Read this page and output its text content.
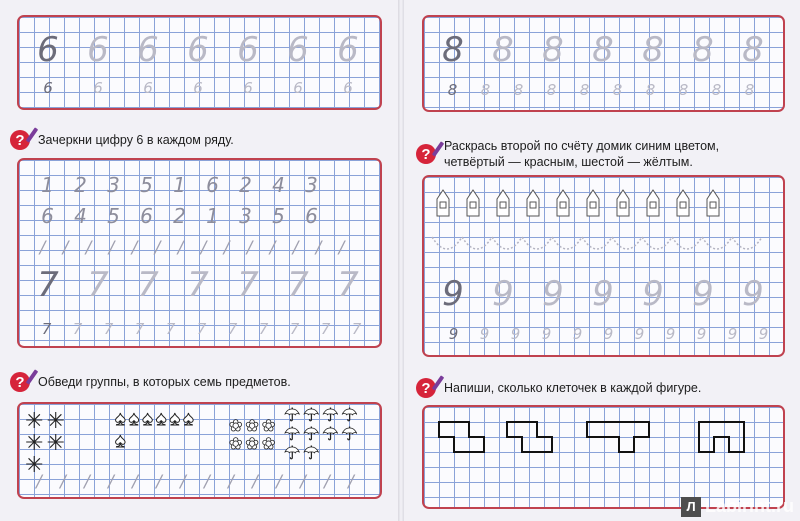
6 6 6 6 6 6 6
6	6	6	6	6	6	6
?	Зачеркни цифру 6 в каждом ряду.
1	2	3	5	1	6	2	4	3
6	4	5	6	2	1	3	5	6
/	/	/	/	/	/	/	/	/	/	/	/	/	/
7 7 7 7 7 7 7
7	7	7	7	7	7	7	7	7	7	7
?	Обведи группы, в которых семь предметов.
✳ ✳✳ ✳✳
♠ ♠ ♠ ♠ ♠ ♠♠
✿ ✿ ✿✿ ✿ ✿
☂ ☂ ☂ ☂☂ ☂ ☂ ☂☂ ☂
/	/	/	/	/	/	/	/	/	/	/	/	/	/
8 8 8 8 8 8 8
8	8	8	8	8	8	8	8	8	8
?	Раскрась второй по счёту домик синим цветом,
четвёртый — красным, шестой — жёлтым.
9 9 9 9 9 9 9
9	9	9	9	9	9	9	9	9	9	9
?	Напиши, сколько клеточек в каждой фигуре.
Л Labirint.ru
